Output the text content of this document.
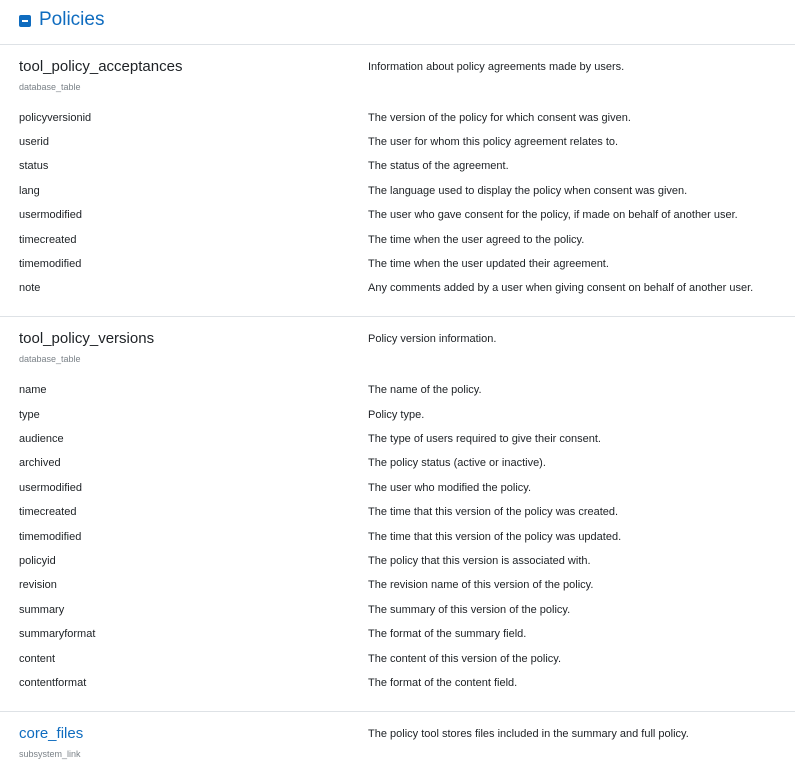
Policies
tool_policy_acceptances
database_table
Information about policy agreements made by users.
policyversionid	The version of the policy for which consent was given.
userid	The user for whom this policy agreement relates to.
status	The status of the agreement.
lang	The language used to display the policy when consent was given.
usermodified	The user who gave consent for the policy, if made on behalf of another user.
timecreated	The time when the user agreed to the policy.
timemodified	The time when the user updated their agreement.
note	Any comments added by a user when giving consent on behalf of another user.
tool_policy_versions
database_table
Policy version information.
name	The name of the policy.
type	Policy type.
audience	The type of users required to give their consent.
archived	The policy status (active or inactive).
usermodified	The user who modified the policy.
timecreated	The time that this version of the policy was created.
timemodified	The time that this version of the policy was updated.
policyid	The policy that this version is associated with.
revision	The revision name of this version of the policy.
summary	The summary of this version of the policy.
summaryformat	The format of the summary field.
content	The content of this version of the policy.
contentformat	The format of the content field.
core_files
subsystem_link
The policy tool stores files included in the summary and full policy.
